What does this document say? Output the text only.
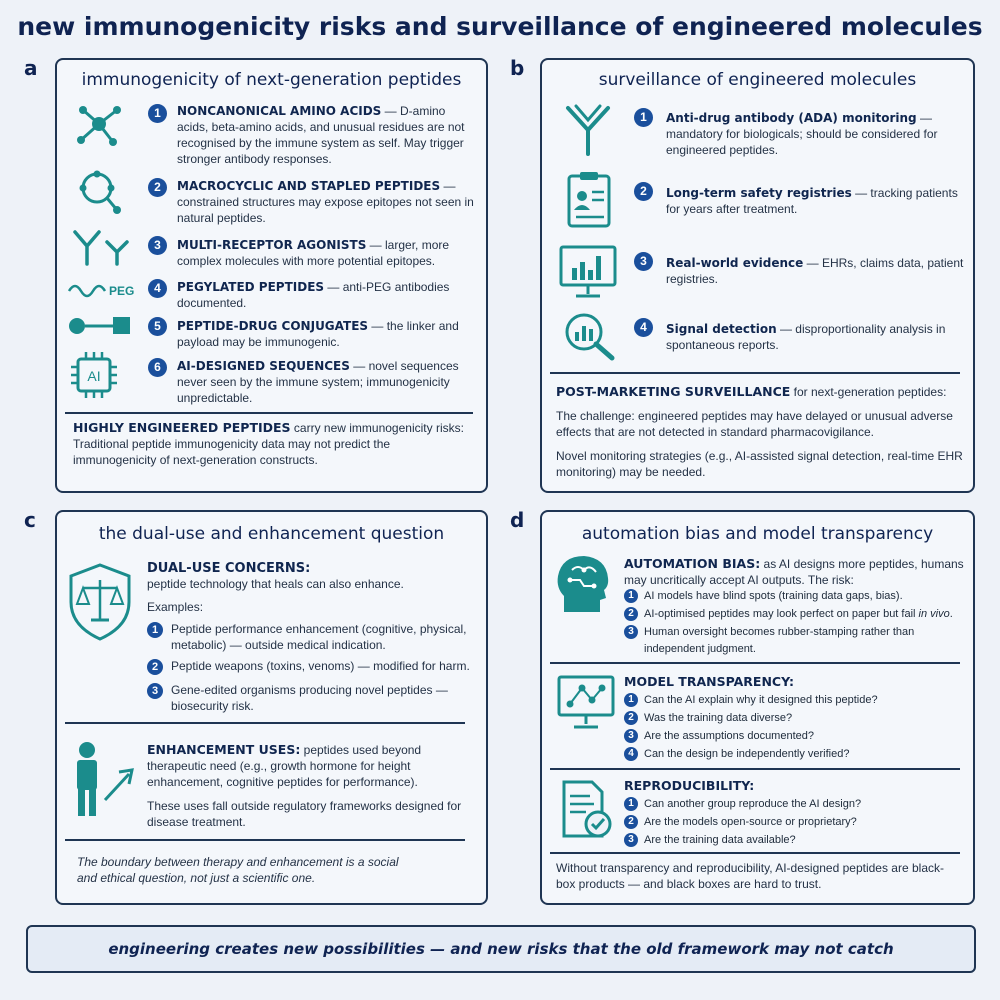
new immunogenicity risks and surveillance of engineered molecules
a	immunogenicity of next-generation peptides
1	NONCANONICAL AMINO ACIDS — D-amino acids, beta-amino acids, and unusual residues are not recognised by the immune system as self. May trigger stronger antibody responses.
2	MACROCYCLIC AND STAPLED PEPTIDES — constrained structures may expose epitopes not seen in natural peptides.
3	MULTI-RECEPTOR AGONISTS — larger, more complex molecules with more potential epitopes.
PEG	4	PEGYLATED PEPTIDES — anti-PEG antibodies documented.
5	PEPTIDE-DRUG CONJUGATES — the linker and payload may be immunogenic.
AI
6	AI-DESIGNED SEQUENCES — novel sequences never seen by the immune system; immunogenicity unpredictable.
HIGHLY ENGINEERED PEPTIDES carry new immunogenicity risks:
Traditional peptide immunogenicity data may not predict the immunogenicity of next-generation constructs.
b	surveillance of engineered molecules
1	Anti-drug antibody (ADA) monitoring — mandatory for biologicals; should be considered for engineered peptides.
2	Long-term safety registries — tracking patients for years after treatment.
3	Real-world evidence — EHRs, claims data, patient registries.
4	Signal detection — disproportionality analysis in spontaneous reports.
POST-MARKETING SURVEILLANCE for next-generation peptides:
The challenge: engineered peptides may have delayed or unusual adverse effects that are not detected in standard pharmacovigilance.
Novel monitoring strategies (e.g., AI-assisted signal detection, real-time EHR monitoring) may be needed.
c
the dual-use and enhancement question
DUAL-USE CONCERNS:
peptide technology that heals can also enhance.
Examples:
1	Peptide performance enhancement (cognitive, physical, metabolic) — outside medical indication.
2	Peptide weapons (toxins, venoms) — modified for harm.
3	Gene-edited organisms producing novel peptides — biosecurity risk.
ENHANCEMENT USES: peptides used beyond therapeutic need (e.g., growth hormone for height enhancement, cognitive peptides for performance).
These uses fall outside regulatory frameworks designed for disease treatment.
The boundary between therapy and enhancement is a social and ethical question, not just a scientific one.
d
automation bias and model transparency
AUTOMATION BIAS: as AI designs more peptides, humans may uncritically accept AI outputs. The risk:
1 AI models have blind spots (training data gaps, bias).
2 AI-optimised peptides may look perfect on paper but fail in vivo.
3 Human oversight becomes rubber-stamping rather than independent judgment.
MODEL TRANSPARENCY:
1 Can the AI explain why it designed this peptide?
2 Was the training data diverse?
3 Are the assumptions documented?
4 Can the design be independently verified?
REPRODUCIBILITY:
1 Can another group reproduce the AI design?
2 Are the models open-source or proprietary?
3 Are the training data available?
Without transparency and reproducibility, AI-designed peptides are black-box products — and black boxes are hard to trust.
engineering creates new possibilities — and new risks that the old framework may not catch
